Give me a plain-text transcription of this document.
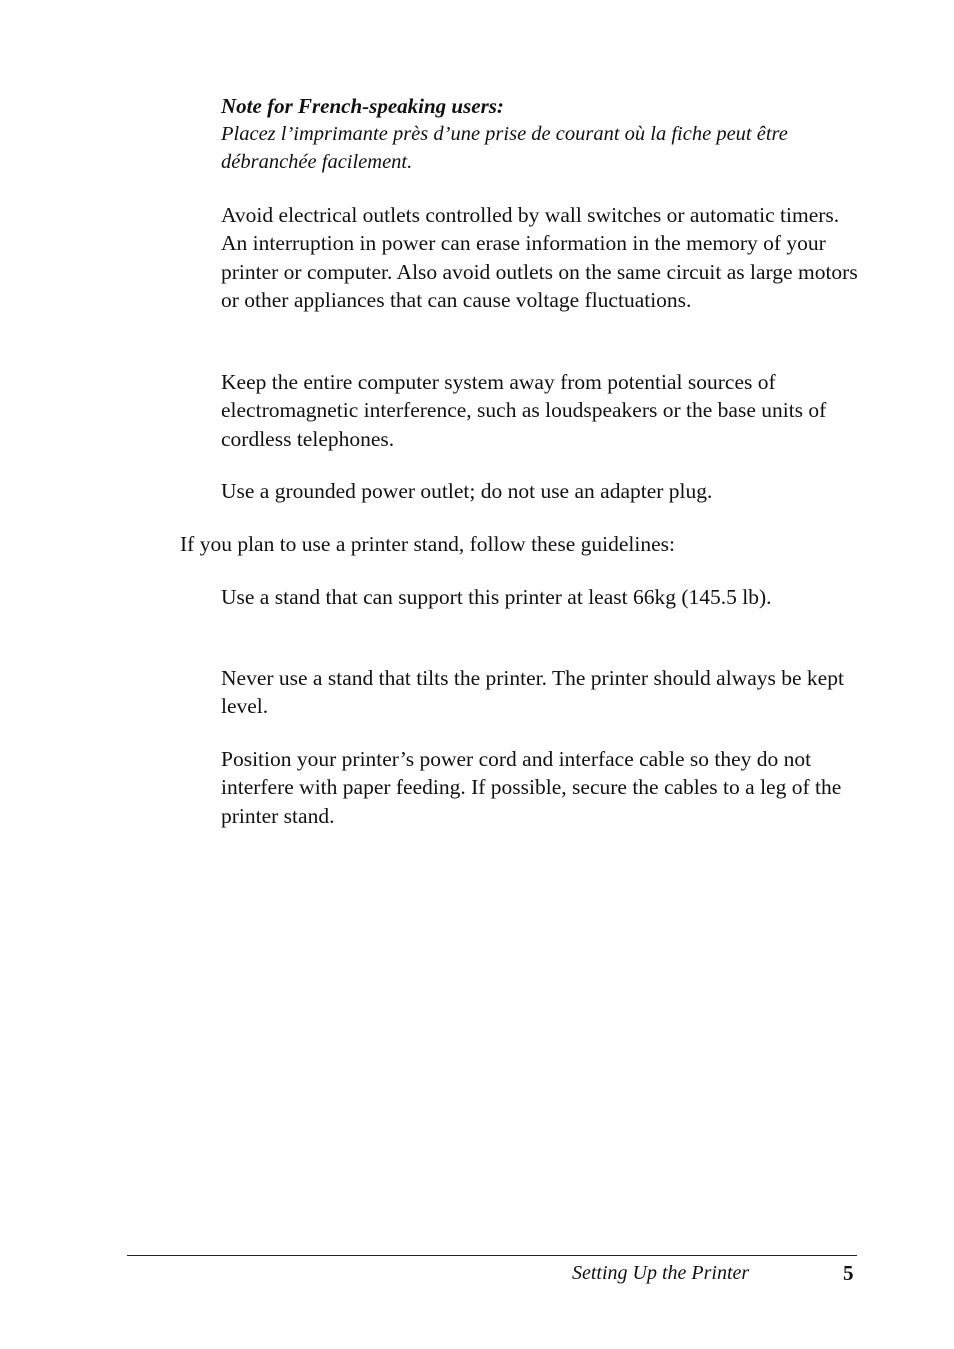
Note for French-speaking users:

Placez l’imprimante près d’une prise de courant où la fiche peut être débranchée facilement.

Avoid electrical outlets controlled by wall switches or automatic timers. An interruption in power can erase information in the memory of your printer or computer. Also avoid outlets on the same circuit as large motors or other appliances that can cause voltage fluctuations.

Keep the entire computer system away from potential sources of electromagnetic interference, such as loudspeakers or the base units of cordless telephones.

Use a grounded power outlet; do not use an adapter plug.

If you plan to use a printer stand, follow these guidelines:

Use a stand that can support this printer at least 66kg (145.5 lb).

Never use a stand that tilts the printer. The printer should always be kept level.

Position your printer’s power cord and interface cable so they do not interfere with paper feeding. If possible, secure the cables to a leg of the printer stand.

Setting Up the Printer	5
